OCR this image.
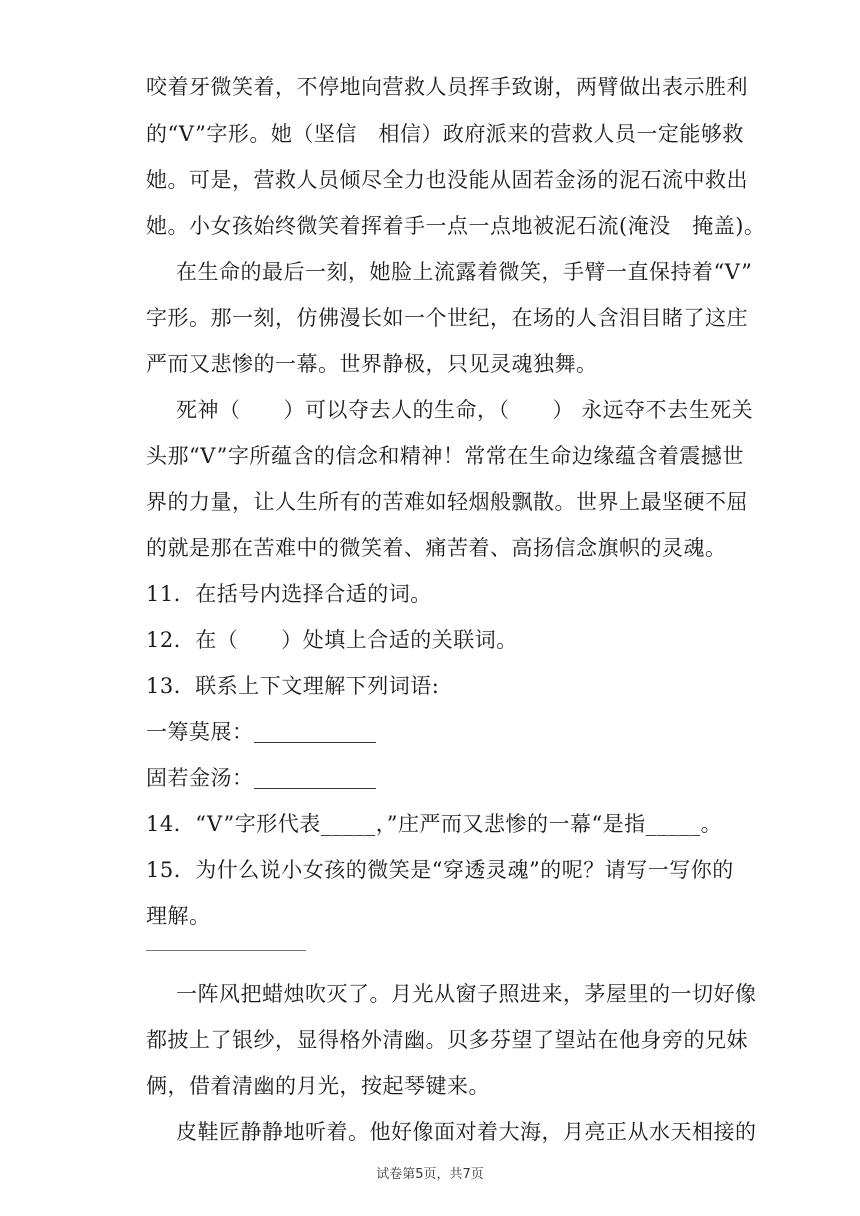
咬着牙微笑着，不停地向营救人员挥手致谢，两臂做出表示胜利
的“V”字形。她（坚信　相信）政府派来的营救人员一定能够救
她。可是，营救人员倾尽全力也没能从固若金汤的泥石流中救出
她。小女孩始终微笑着挥着手一点一点地被泥石流(淹没　掩盖)。
在生命的最后一刻，她脸上流露着微笑，手臂一直保持着“V”
字形。那一刻，仿佛漫长如一个世纪，在场的人含泪目睹了这庄
严而又悲惨的一幕。世界静极，只见灵魂独舞。
死神（　　）可以夺去人的生命，（　　） 永远夺不去生死关
头那“V”字所蕴含的信念和精神！常常在生命边缘蕴含着震撼世
界的力量，让人生所有的苦难如轻烟般飘散。世界上最坚硬不屈
的就是那在苦难中的微笑着、痛苦着、高扬信念旗帜的灵魂。
11．在括号内选择合适的词。
12．在（　　）处填上合适的关联词。
13．联系上下文理解下列词语:
一筹莫展：
固若金汤：
14．“V”字形代表_____，”庄严而又悲惨的一幕“是指_____。
15．为什么说小女孩的微笑是“穿透灵魂”的呢？请写一写你的
理解。
一阵风把蜡烛吹灭了。月光从窗子照进来，茅屋里的一切好像
都披上了银纱，显得格外清幽。贝多芬望了望站在他身旁的兄妹
俩，借着清幽的月光，按起琴键来。
皮鞋匠静静地听着。他好像面对着大海，月亮正从水天相接的
试卷第5页，共7页
